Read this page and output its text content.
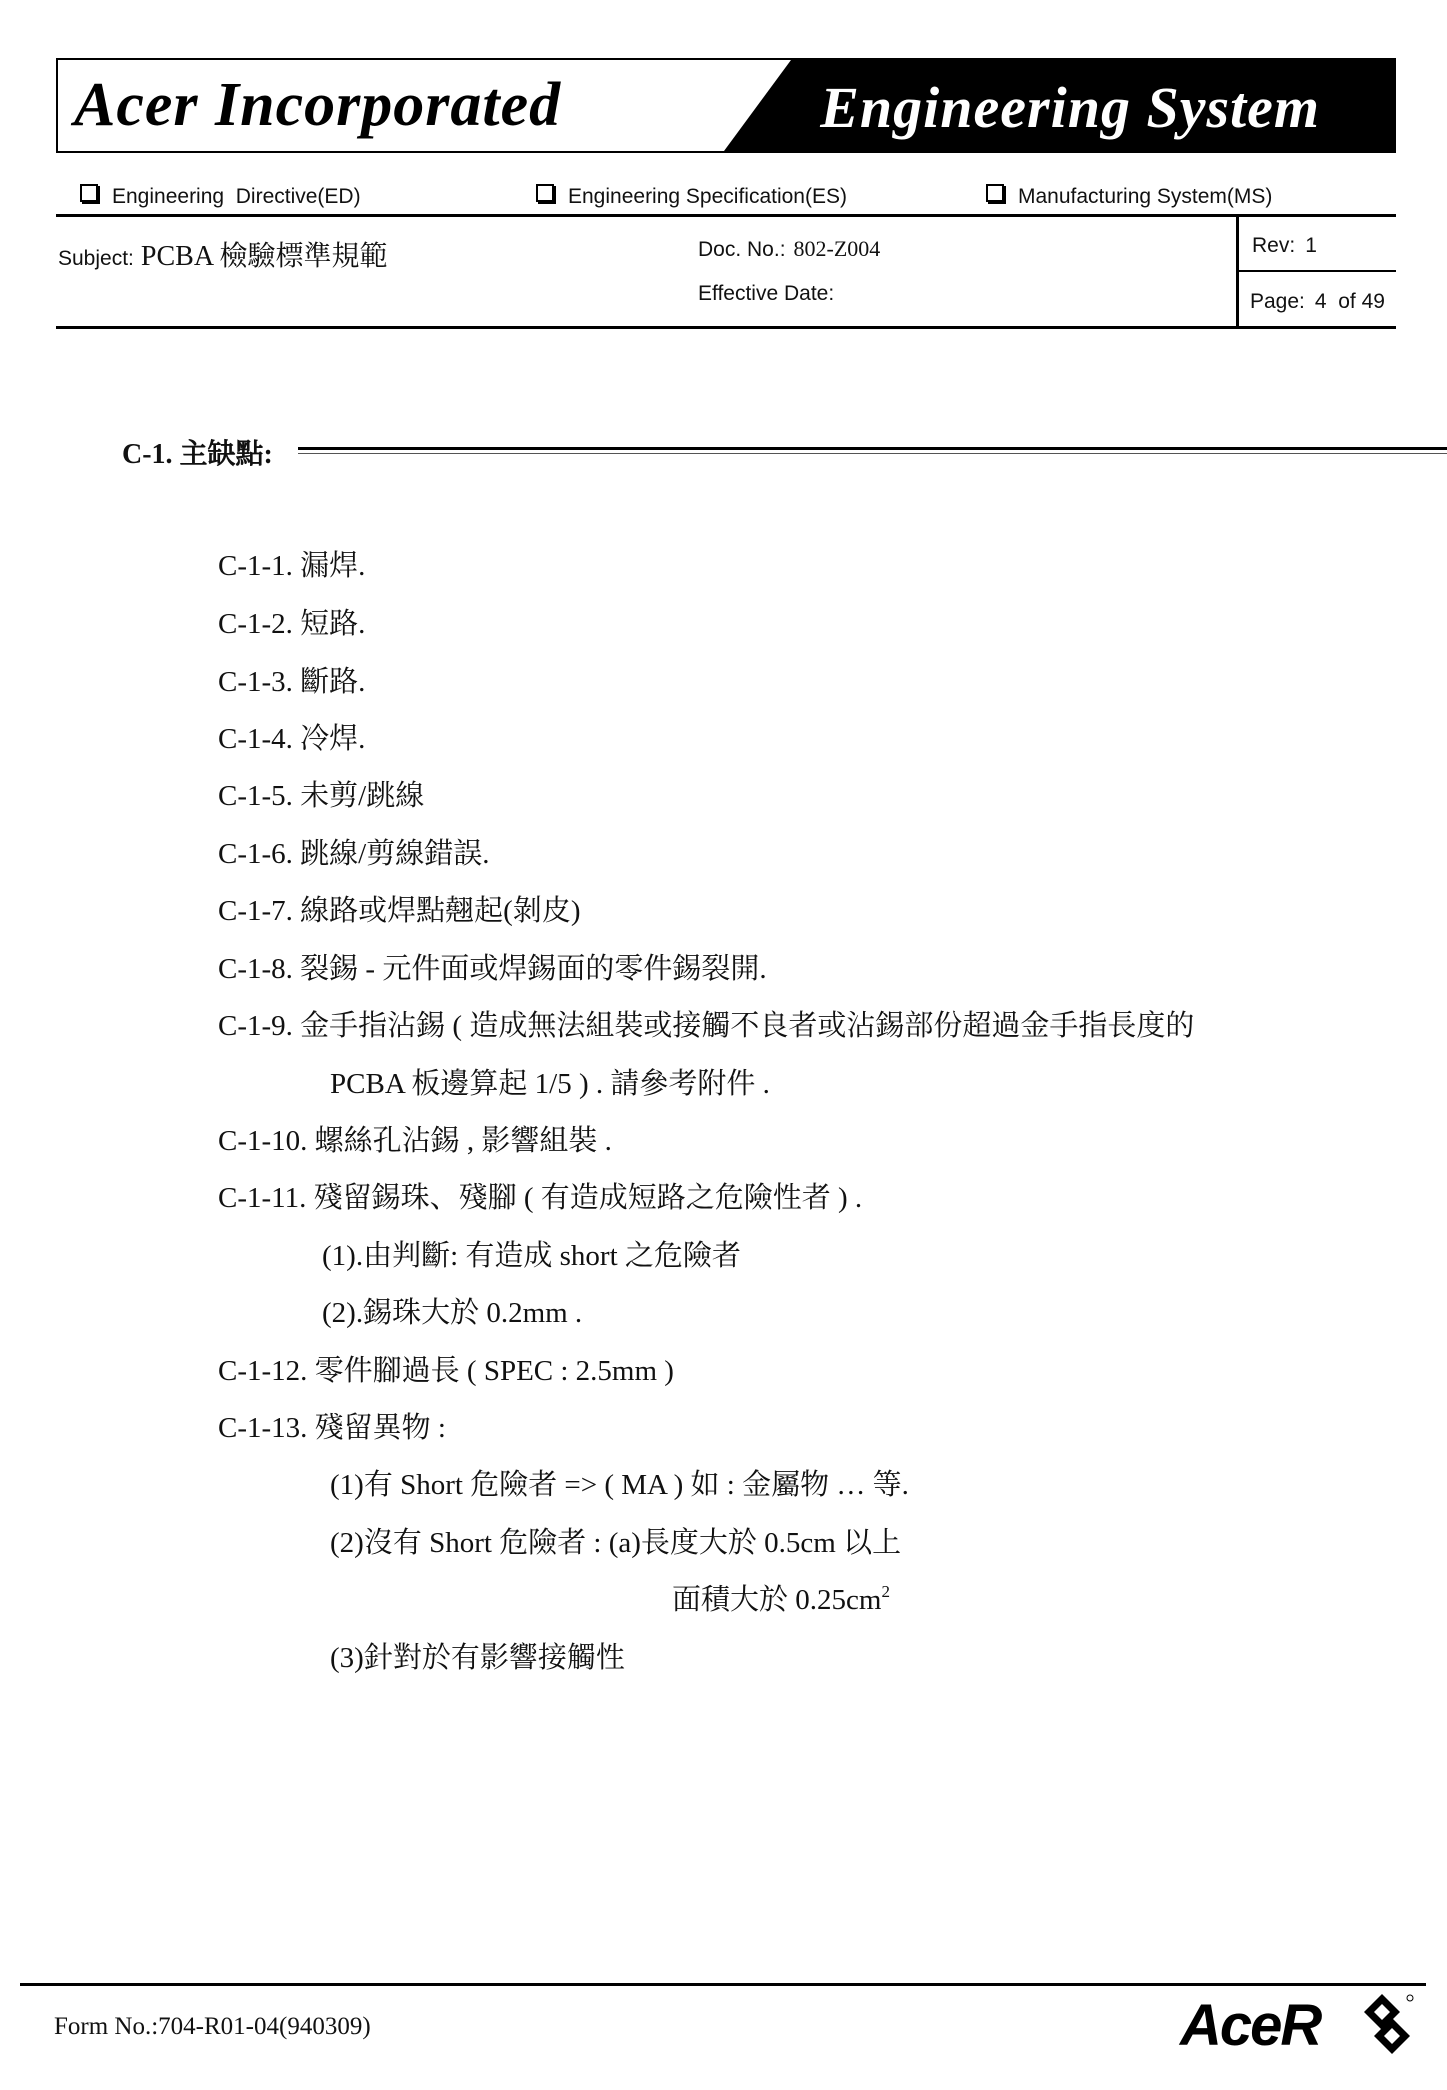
Acer Incorporated	Engineering System
Engineering  Directive(ED)	Engineering Specification(ES)	Manufacturing System(MS)
Subject: PCBA 檢驗標準規範	Doc. No.: 802-Z004
Effective Date:
Rev: 1
Page: 4  of 49
C-1. 主缺點:
C-1-1. 漏焊.
C-1-2. 短路.
C-1-3. 斷路.
C-1-4. 冷焊.
C-1-5. 未剪/跳線
C-1-6. 跳線/剪線錯誤.
C-1-7. 線路或焊點翹起(剝皮)
C-1-8. 裂錫 - 元件面或焊錫面的零件錫裂開.
C-1-9. 金手指沾錫 ( 造成無法組裝或接觸不良者或沾錫部份超過金手指長度的
PCBA 板邊算起 1/5 ) . 請參考附件 .
C-1-10. 螺絲孔沾錫 , 影響組裝 .
C-1-11. 殘留錫珠、殘腳 ( 有造成短路之危險性者 ) .
(1).由判斷: 有造成 short 之危險者
(2).錫珠大於 0.2mm .
C-1-12. 零件腳過長 ( SPEC : 2.5mm )
C-1-13. 殘留異物 :
(1)有 Short 危險者 => ( MA ) 如 : 金屬物 … 等.
(2)沒有 Short 危險者 : (a)長度大於 0.5cm 以上
面積大於 $0.25cm^2$
(3)針對於有影響接觸性
Form No.:704-R01-04(940309)	AceR
